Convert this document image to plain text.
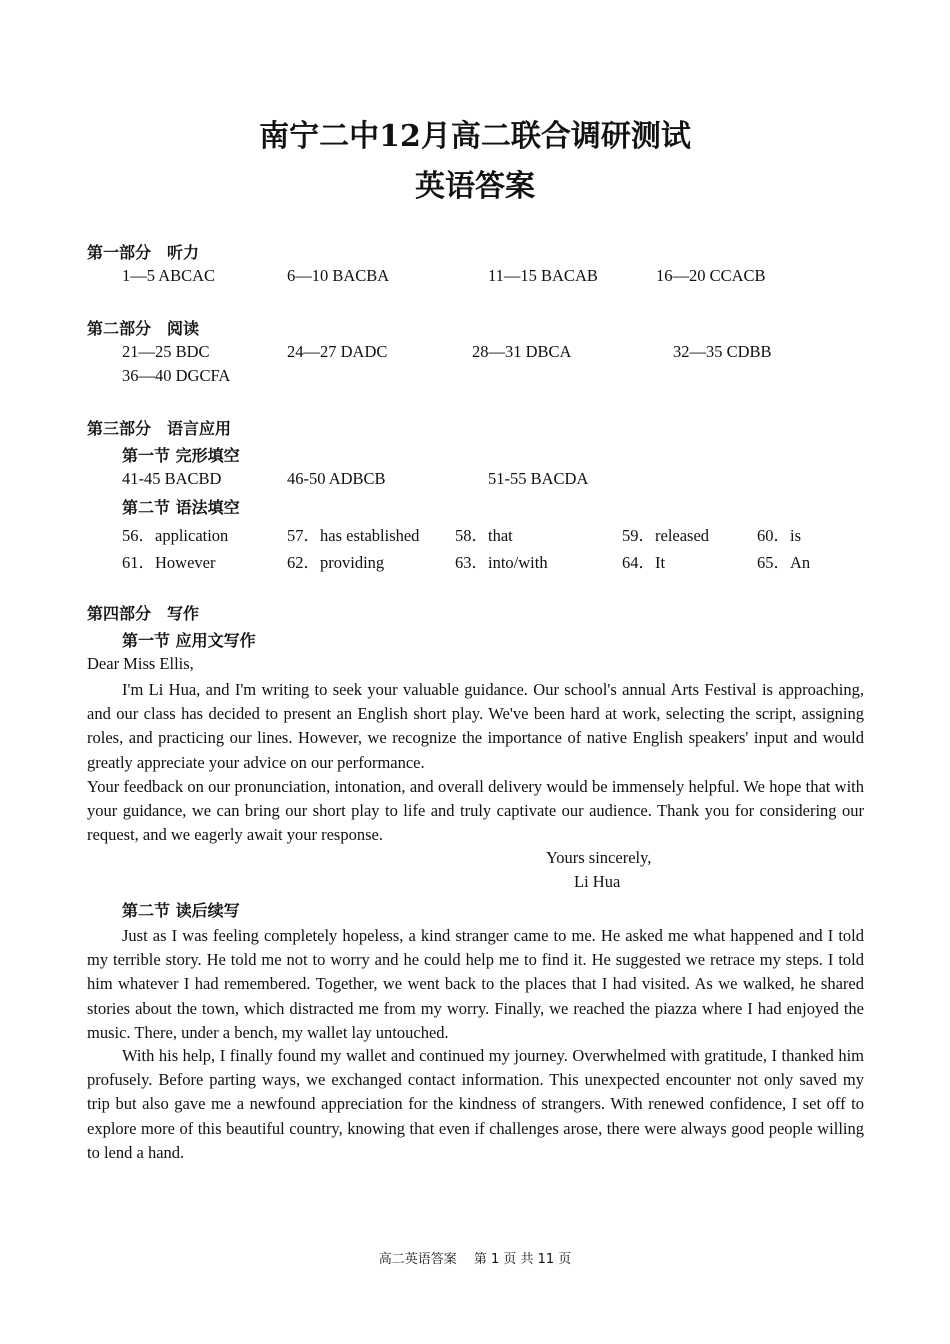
南宁二中12月高二联合调研测试
英语答案
第一部分　听力
1—5 ABCAC	6—10 BACBA	11—15 BACAB	16—20 CCACB
第二部分　阅读
21—25 BDC	24—27 DADC	28—31 DBCA	32—35 CDBB
36—40 DGCFA
第三部分　语言应用
第一节 完形填空
41-45 BACBD	46-50 ADBCB	51-55 BACDA
第二节 语法填空
56．application	57．has established 58．that	59．released	60．is
61．However	62．providing	63．into/with	64．It	65．An
第四部分　写作
第一节 应用文写作
Dear Miss Ellis,
I'm Li Hua, and I'm writing to seek your valuable guidance. Our school's annual Arts Festival is approaching, and our class has decided to present an English short play. We've been hard at work, selecting the script, assigning roles, and practicing our lines. However, we recognize the importance of native English speakers' input and would greatly appreciate your advice on our performance.
Your feedback on our pronunciation, intonation, and overall delivery would be immensely helpful. We hope that with your guidance, we can bring our short play to life and truly captivate our audience. Thank you for considering our request, and we eagerly await your response.
Yours sincerely,
Li Hua
第二节 读后续写
Just as I was feeling completely hopeless, a kind stranger came to me. He asked me what happened and I told my terrible story. He told me not to worry and he could help me to find it. He suggested we retrace my steps. I told him whatever I had remembered. Together, we went back to the places that I had visited. As we walked, he shared stories about the town, which distracted me from my worry. Finally, we reached the piazza where I had enjoyed the music. There, under a bench, my wallet lay untouched.
With his help, I finally found my wallet and continued my journey. Overwhelmed with gratitude, I thanked him profusely. Before parting ways, we exchanged contact information. This unexpected encounter not only saved my trip but also gave me a newfound appreciation for the kindness of strangers. With renewed confidence, I set off to explore more of this beautiful country, knowing that even if challenges arose, there were always good people willing to lend a hand.
高二英语答案　 第 1 页 共 11 页
